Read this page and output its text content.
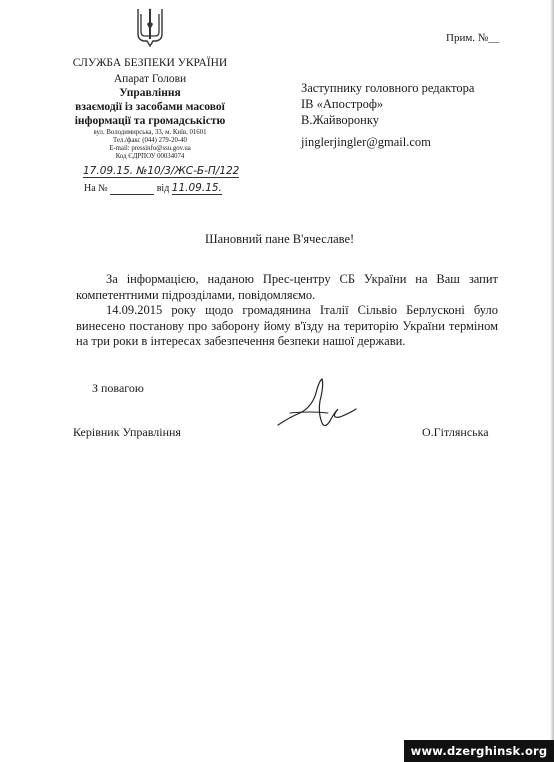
Прим. №__
СЛУЖБА БЕЗПЕКИ УКРАЇНИ
Апарат Голови
Управління
взаємодії із засобами масової
інформації та громадськістю
вул. Володимирська, 33, м. Київ, 01601
Тел./факс (044) 279-20-40
E-mail: pressinfo@ssu.gov.ua
Код ЄДРПОУ 00034074
17.09.15. №10/3/ЖС-Б-П/122
На №	від 11.09.15.
Заступнику головного редактора
ІВ «Апостроф»
В.Жайворонку
jinglerjingler@gmail.com
Шановний пане В'ячеславе!

За інформацією, наданою Прес-центру СБ України на Ваш запит компетентними підрозділами, повідомляємо.

14.09.2015 року щодо громадянина Італії Сільвіо Берлусконі було винесено постанову про заборону йому в'їзду на територію України терміном на три роки в інтересах забезпечення безпеки нашої держави.

З повагою
Керівник Управління	О.Гітлянська
www.dzerghinsk.org
